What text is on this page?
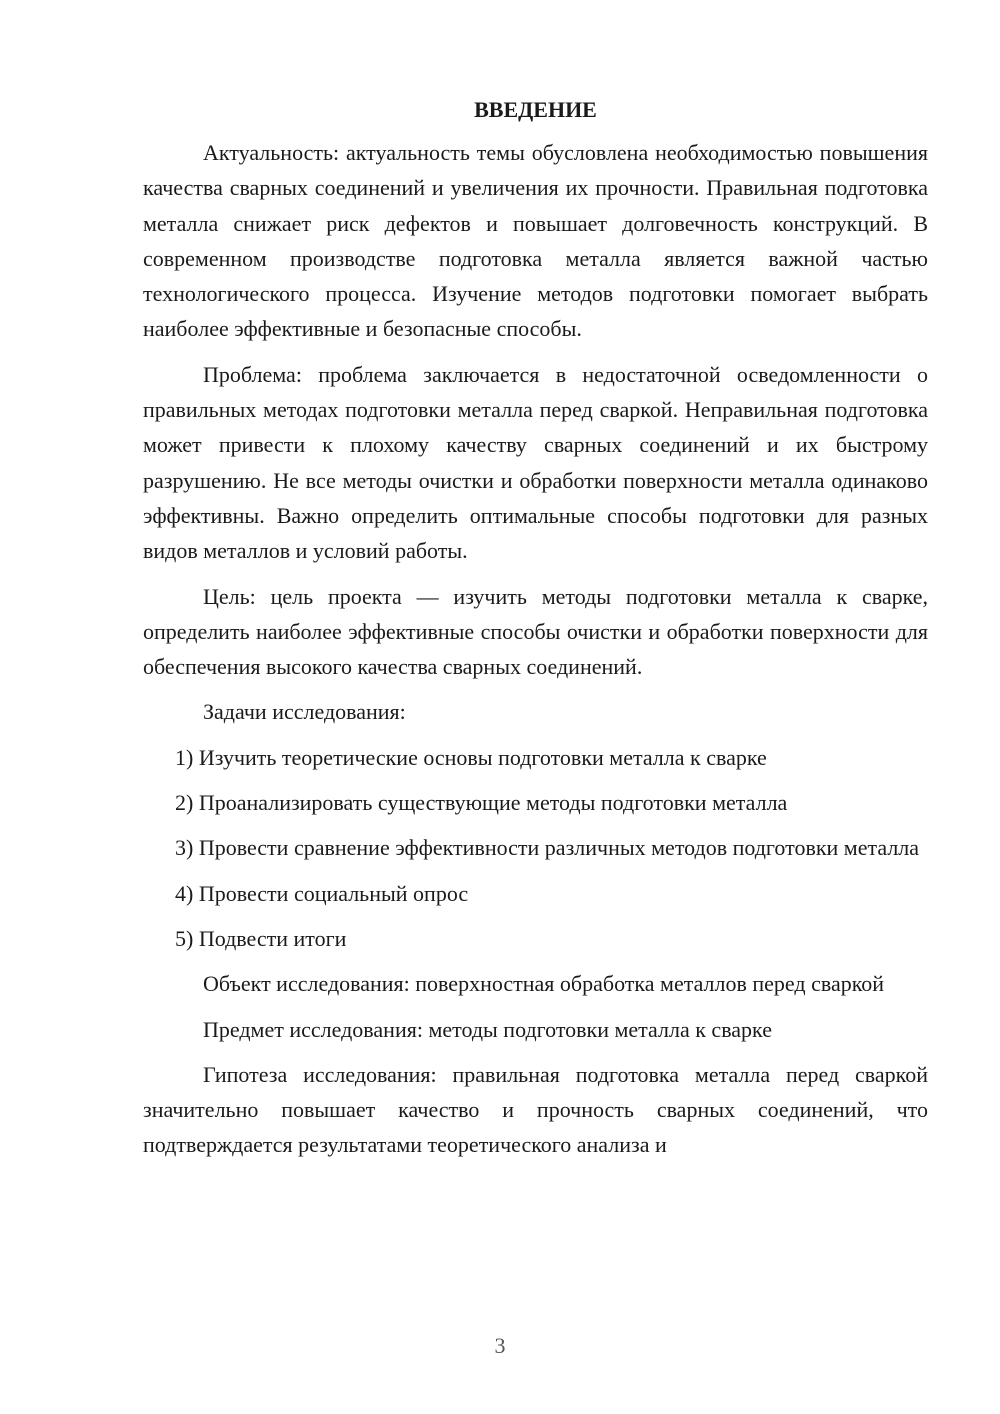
ВВЕДЕНИЕ

Актуальность: актуальность темы обусловлена необходимостью повышения качества сварных соединений и увеличения их прочности. Правильная подготовка металла снижает риск дефектов и повышает долговечность конструкций. В современном производстве подготовка металла является важной частью технологического процесса. Изучение методов подготовки помогает выбрать наиболее эффективные и безопасные способы.

Проблема: проблема заключается в недостаточной осведомленности о правильных методах подготовки металла перед сваркой. Неправильная подготовка может привести к плохому качеству сварных соединений и их быстрому разрушению. Не все методы очистки и обработки поверхности металла одинаково эффективны. Важно определить оптимальные способы подготовки для разных видов металлов и условий работы.

Цель: цель проекта — изучить методы подготовки металла к сварке, определить наиболее эффективные способы очистки и обработки поверхности для обеспечения высокого качества сварных соединений.

Задачи исследования:

1) Изучить теоретические основы подготовки металла к сварке

2) Проанализировать существующие методы подготовки металла

3) Провести сравнение эффективности различных методов подготовки металла

4) Провести социальный опрос

5) Подвести итоги

Объект исследования: поверхностная обработка металлов перед сваркой

Предмет исследования: методы подготовки металла к сварке

Гипотеза исследования: правильная подготовка металла перед сваркой значительно повышает качество и прочность сварных соединений, что подтверждается результатами теоретического анализа и

3
